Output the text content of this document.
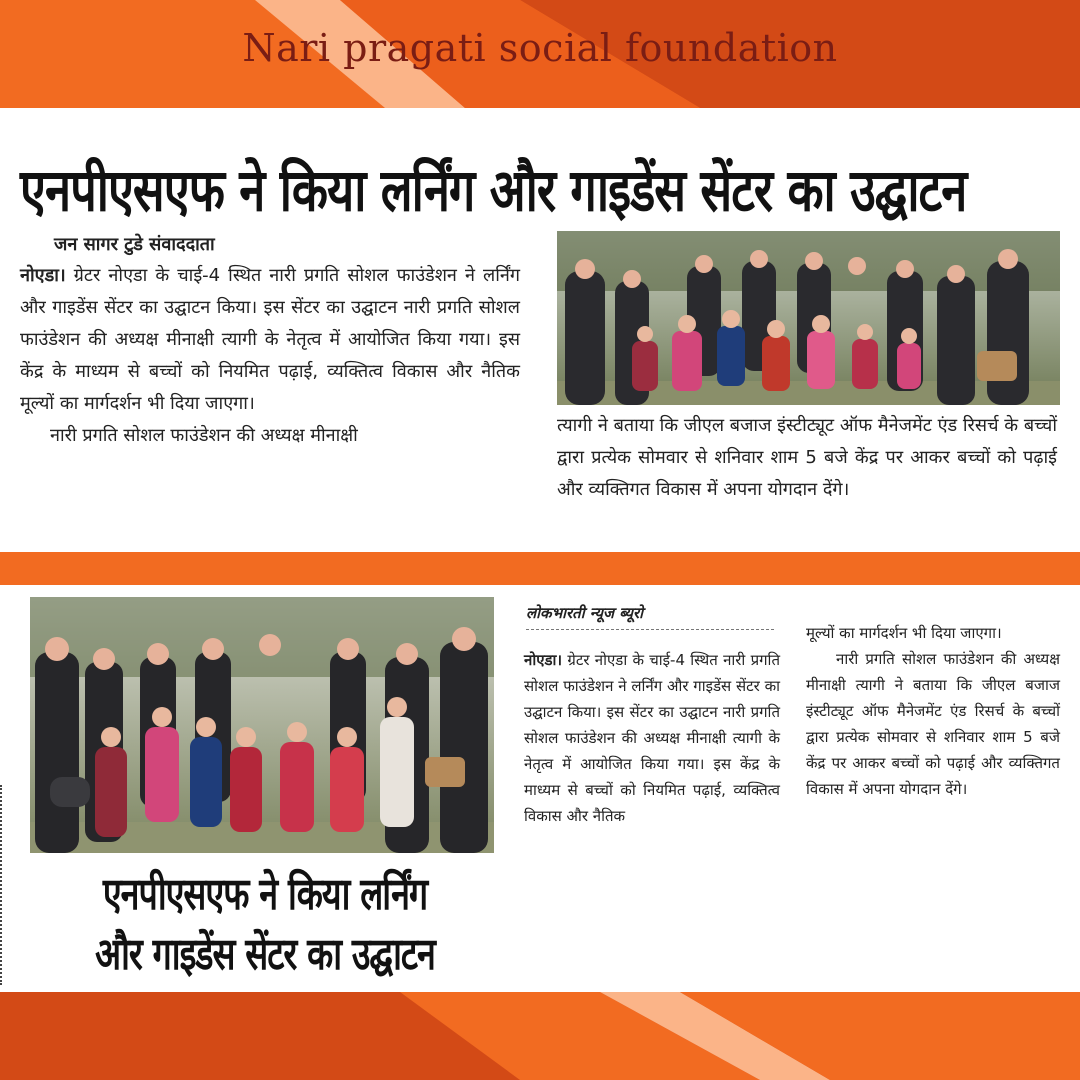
Nari pragati social foundation
एनपीएसएफ ने किया लर्निंग और गाइडेंस सेंटर का उद्घाटन
जन सागर टुडे संवाददाता

नोएडा। ग्रेटर नोएडा के चाई-4 स्थित नारी प्रगति सोशल फाउंडेशन ने लर्निंग और गाइडेंस सेंटर का उद्घाटन किया। इस सेंटर का उद्घाटन नारी प्रगति सोशल फाउंडेशन की अध्यक्ष मीनाक्षी त्यागी के नेतृत्व में आयोजित किया गया। इस केंद्र के माध्यम से बच्चों को नियमित पढ़ाई, व्यक्तित्व विकास और नैतिक मूल्यों का मार्गदर्शन भी दिया जाएगा।

नारी प्रगति सोशल फाउंडेशन की अध्यक्ष मीनाक्षी	त्यागी ने बताया कि जीएल बजाज इंस्टीट्यूट ऑफ मैनेजमेंट एंड रिसर्च के बच्चों द्वारा प्रत्येक सोमवार से शनिवार शाम 5 बजे केंद्र पर आकर बच्चों को पढ़ाई और व्यक्तिगत विकास में अपना योगदान देंगे।
एनपीएसएफ ने किया लर्निंग
और गाइडेंस सेंटर का उद्घाटन
लोकभारती न्यूज ब्यूरो

नोएडा। ग्रेटर नोएडा के चाई-4 स्थित नारी प्रगति सोशल फाउंडेशन ने लर्निंग और गाइडेंस सेंटर का उद्घाटन किया। इस सेंटर का उद्घाटन नारी प्रगति सोशल फाउंडेशन की अध्यक्ष मीनाक्षी त्यागी के नेतृत्व में आयोजित किया गया। इस केंद्र के माध्यम से बच्चों को नियमित पढ़ाई, व्यक्तित्व विकास और नैतिक

मूल्यों का मार्गदर्शन भी दिया जाएगा।

नारी प्रगति सोशल फाउंडेशन की अध्यक्ष मीनाक्षी त्यागी ने बताया कि जीएल बजाज इंस्टीट्यूट ऑफ मैनेजमेंट एंड रिसर्च के बच्चों द्वारा प्रत्येक सोमवार से शनिवार शाम 5 बजे केंद्र पर आकर बच्चों को पढ़ाई और व्यक्तिगत विकास में अपना योगदान देंगे।
